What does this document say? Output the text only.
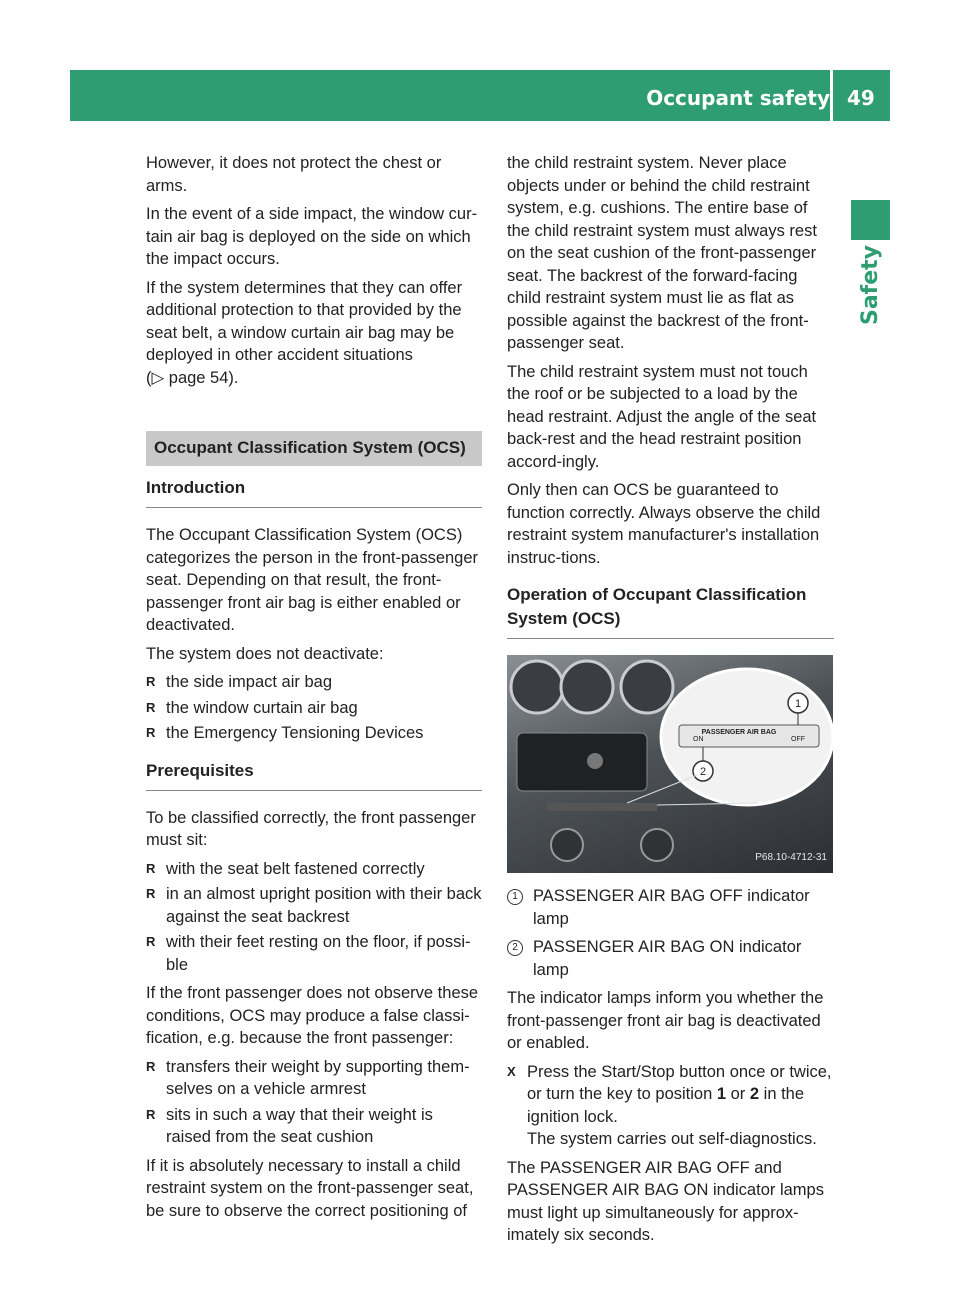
Occupant safety 49
Safety

However, it does not protect the chest or arms.

In the event of a side impact, the window cur-tain air bag is deployed on the side on which the impact occurs.

If the system determines that they can offer additional protection to that provided by the seat belt, a window curtain air bag may be deployed in other accident situations
(▷ page 54).

Occupant Classification System (OCS)
Introduction

The Occupant Classification System (OCS) categorizes the person in the front-passenger seat. Depending on that result, the front-passenger front air bag is either enabled or deactivated.

The system does not deactivate:

R the side impact air bag
R the window curtain air bag
R the Emergency Tensioning Devices
Prerequisites

To be classified correctly, the front passenger must sit:

R with the seat belt fastened correctly
R in an almost upright position with their back against the seat backrest
R with their feet resting on the floor, if possi-ble

If the front passenger does not observe these conditions, OCS may produce a false classi-fication, e.g. because the front passenger:

R transfers their weight by supporting them-selves on a vehicle armrest
R sits in such a way that their weight is raised from the seat cushion

If it is absolutely necessary to install a child restraint system on the front-passenger seat, be sure to observe the correct positioning of

the child restraint system. Never place objects under or behind the child restraint system, e.g. cushions. The entire base of the child restraint system must always rest on the seat cushion of the front-passenger seat. The backrest of the forward-facing child restraint system must lie as flat as possible against the backrest of the front-passenger seat.

The child restraint system must not touch the roof or be subjected to a load by the head restraint. Adjust the angle of the seat back-rest and the head restraint position accord-ingly.

Only then can OCS be guaranteed to function correctly. Always observe the child restraint system manufacturer's installation instruc-tions.

Operation of Occupant Classification System (OCS)
PASSENGER AIR BAG
ON	OFF
1
2
P68.10-4712-31
1 PASSENGER AIR BAG OFF indicator lamp
2 PASSENGER AIR BAG ON indicator lamp

The indicator lamps inform you whether the front-passenger front air bag is deactivated or enabled.

X Press the Start/Stop button once or twice, or turn the key to position 1 or 2 in the ignition lock.
The system carries out self-diagnostics.

The PASSENGER AIR BAG OFF and PASSENGER AIR BAG ON indicator lamps must light up simultaneously for approx-imately six seconds.
